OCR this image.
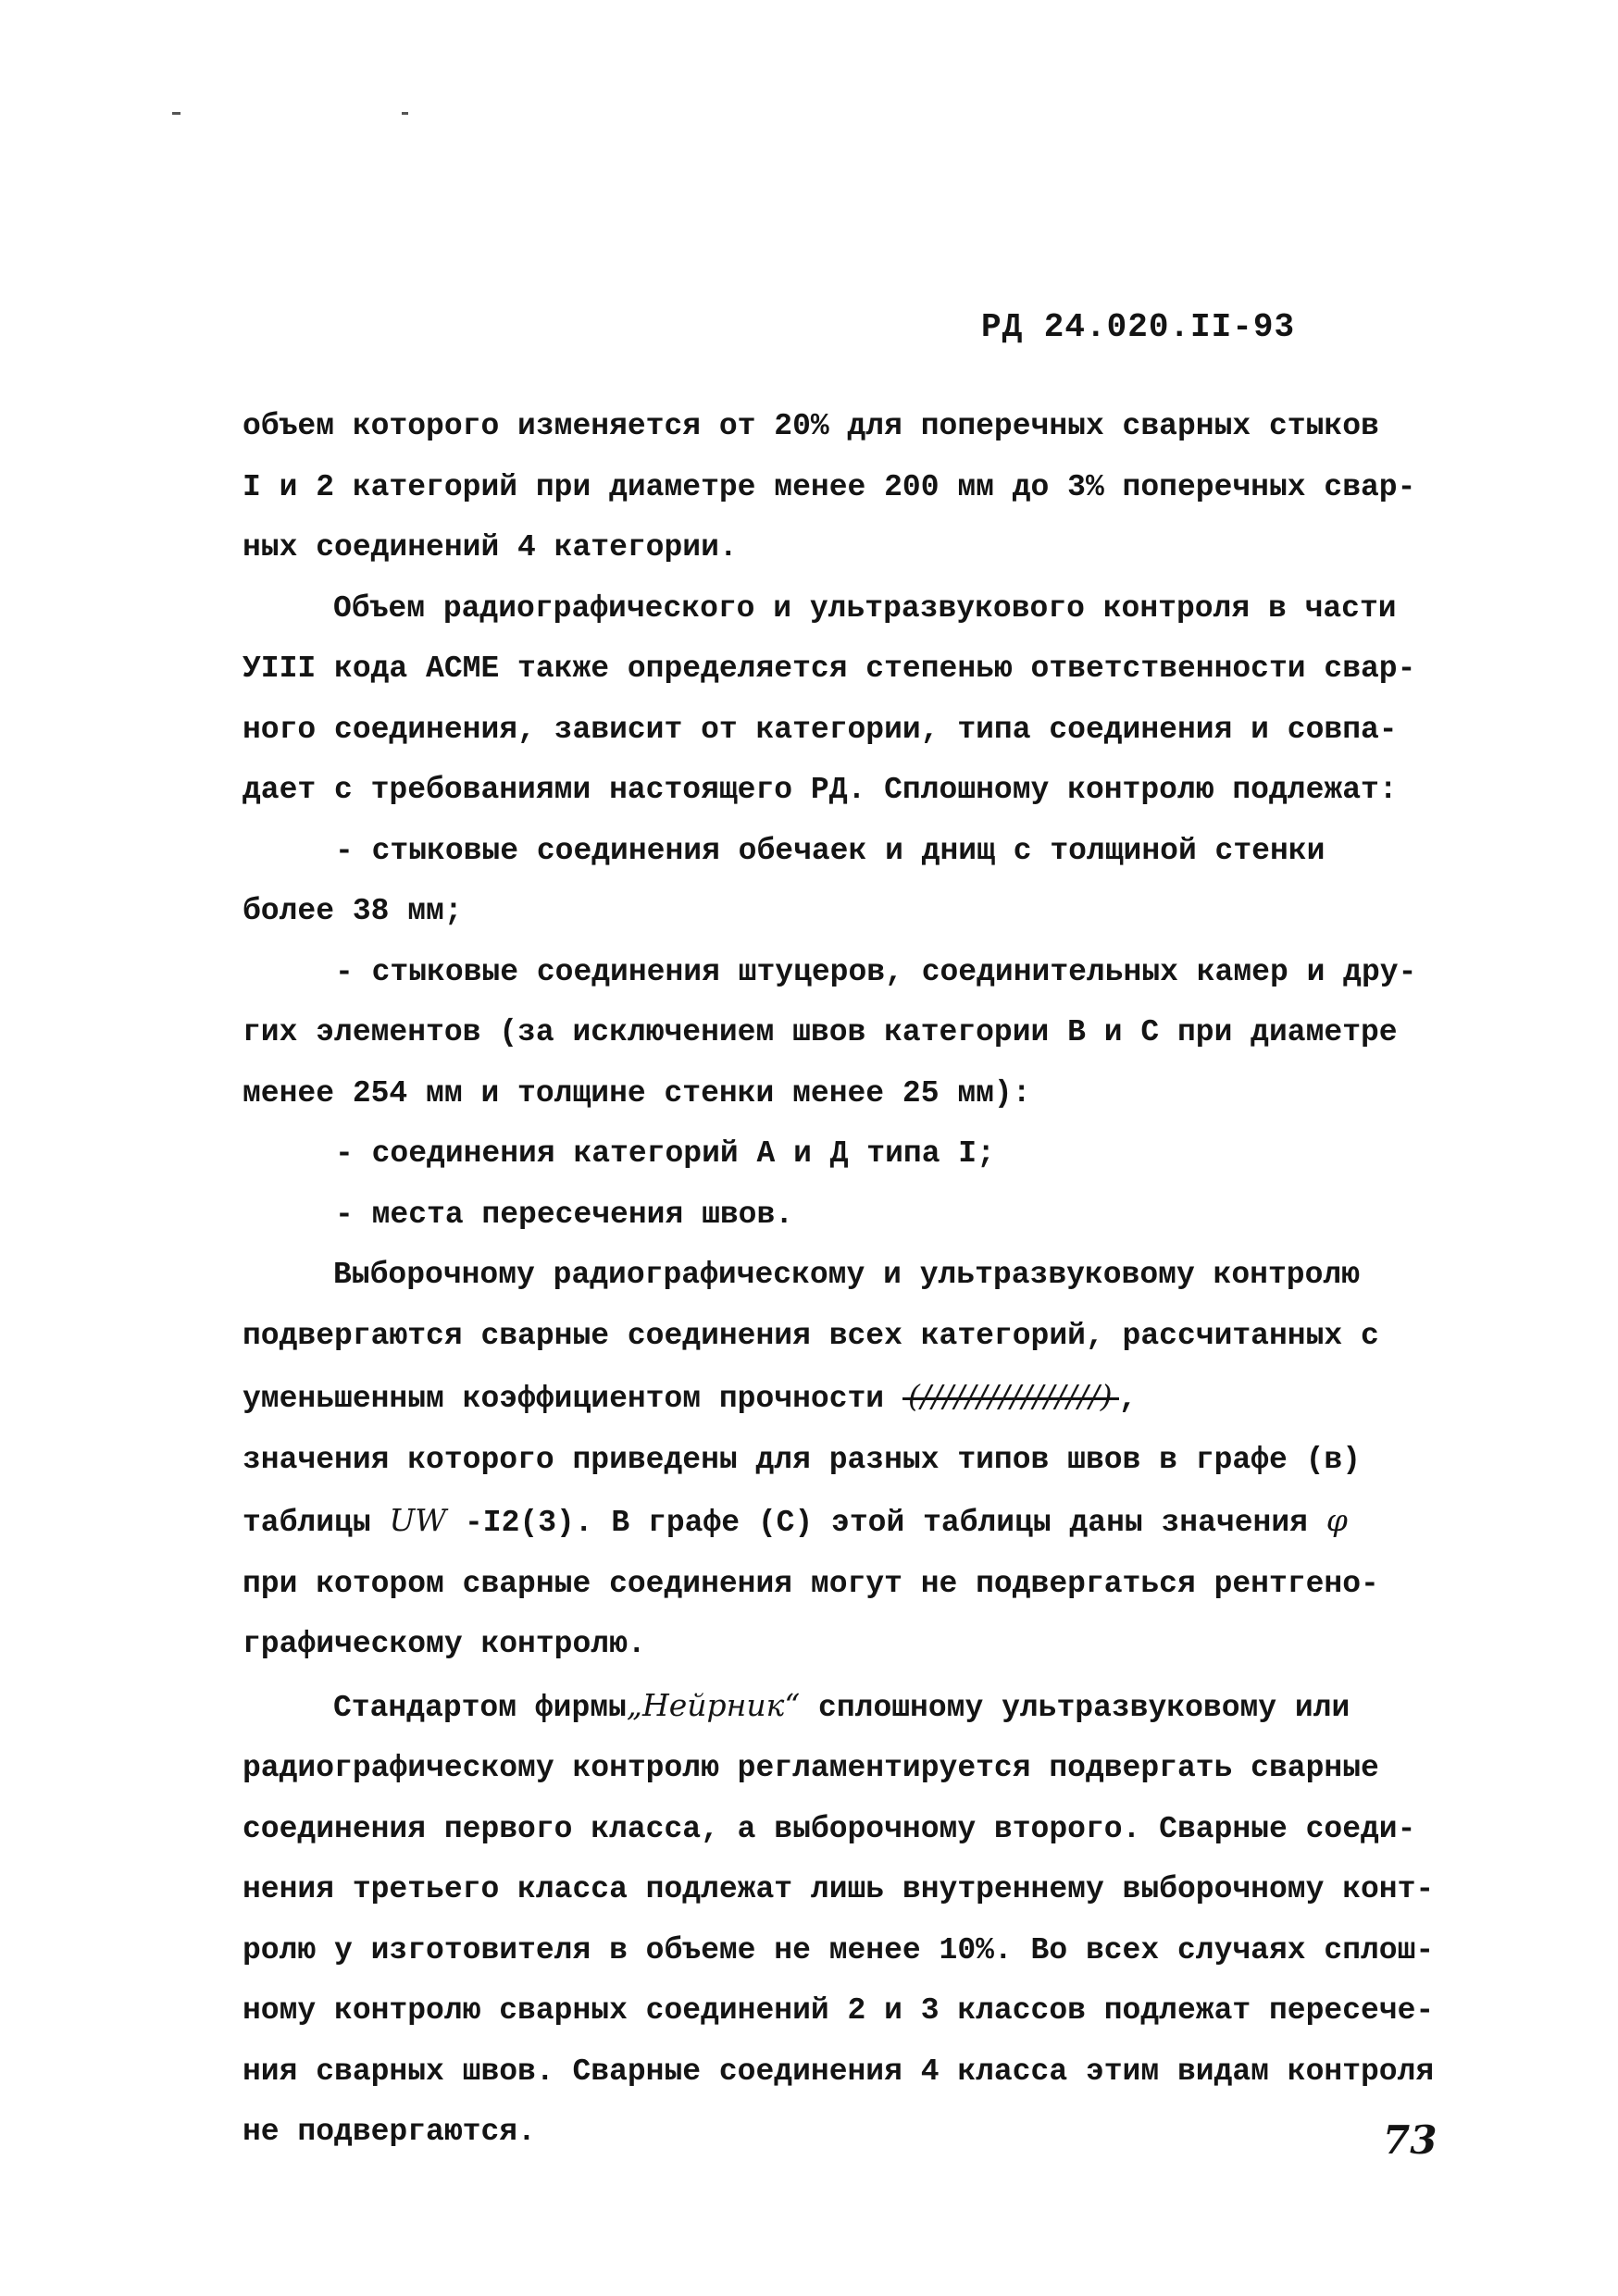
РД 24.020.II-93
объем которого изменяется от 20% для поперечных сварных стыков
I и 2 категорий при диаметре менее 200 мм до 3% поперечных свар-
ных соединений 4 категории.
Объем радиографического и ультразвукового контроля в части
УIII кода АСМЕ также определяется степенью ответственности свар-
ного соединения, зависит от категории, типа соединения и совпа-
дает с требованиями настоящего РД. Сплошному контролю подлежат:
- стыковые соединения обечаек и днищ с толщиной стенки
более 38 мм;
- стыковые соединения штуцеров, соединительных камер и дру-
гих элементов (за исключением швов категории В и С при диаметре
менее 254 мм и толщине стенки менее 25 мм):
- соединения категорий А и Д типа I;
- места пересечения швов.
Выборочному радиографическому и ультразвуковому контролю
подвергаются сварные соединения всех категорий, рассчитанных с
уменьшенным коэффициентом прочности (////////////////) ,
значения которого приведены для разных типов швов в графе (в)
таблицы UW -I2(3). В графе (С) этой таблицы даны значения φ
при котором сварные соединения могут не подвергаться рентгено-
графическому контролю.
Стандартом фирмы„Нейрник“ сплошному ультразвуковому или
радиографическому контролю регламентируется подвергать сварные
соединения первого класса, а выборочному второго. Сварные соеди-
нения третьего класса подлежат лишь внутреннему выборочному конт-
ролю у изготовителя в объеме не менее 10%. Во всех случаях сплош-
ному контролю сварных соединений 2 и 3 классов подлежат пересече-
ния сварных швов. Сварные соединения 4 класса этим видам контроля
не подвергаются.	73
